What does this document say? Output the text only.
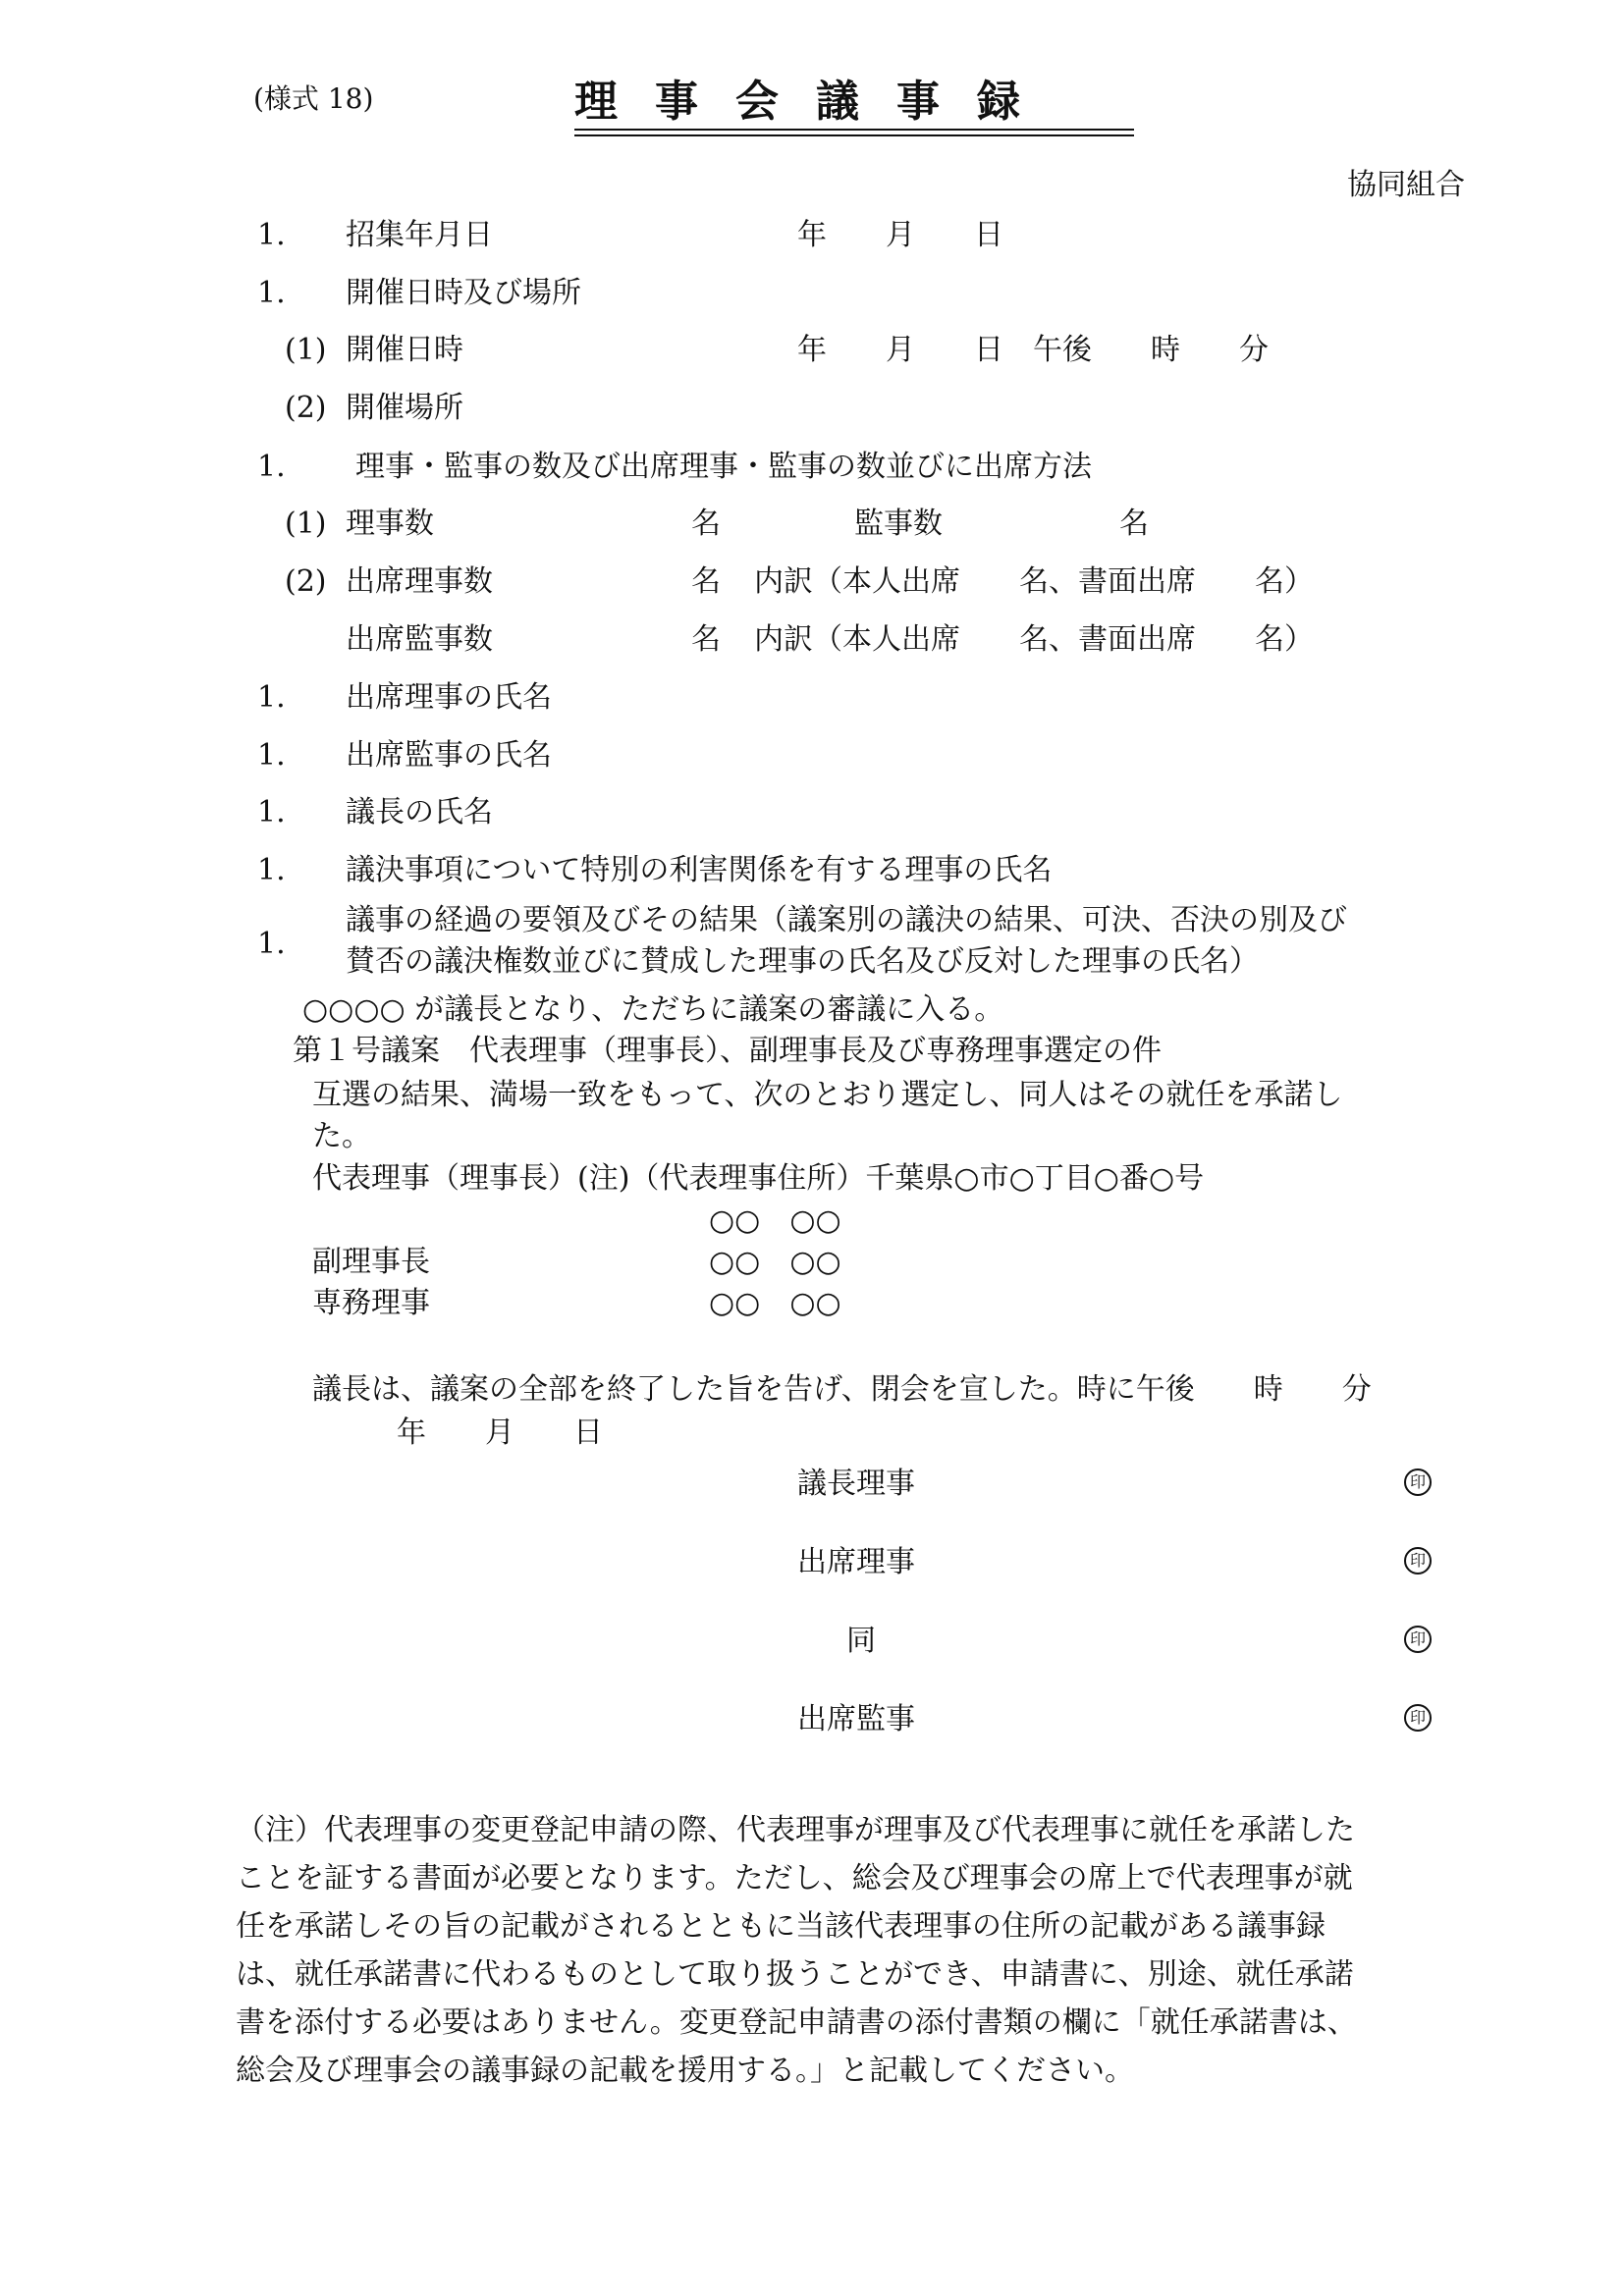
(様式 18)	理事会議事録
協同組合
1. 招集年月日	年　　月　　日
1. 開催日時及び場所
(1) 開催日時	年　　月　　日　午後　　時　　分
(2) 開催場所
1. 理事・監事の数及び出席理事・監事の数並びに出席方法
(1) 理事数	名	監事数	名
(2) 出席理事数	名 内訳（本人出席　　名、書面出席　　名）
出席監事数	名 内訳（本人出席　　名、書面出席　　名）
1. 出席理事の氏名
1. 出席監事の氏名
1. 議長の氏名
1. 議決事項について特別の利害関係を有する理事の氏名
1.
議事の経過の要領及びその結果（議案別の議決の結果、可決、否決の別及び
賛否の議決権数並びに賛成した理事の氏名及び反対した理事の氏名）
○○○○ が議長となり、ただちに議案の審議に入る。
第１号議案　代表理事（理事長）、副理事長及び専務理事選定の件
互選の結果、満場一致をもって、次のとおり選定し、同人はその就任を承諾し
た。
代表理事（理事長）(注)（代表理事住所）千葉県○市○丁目○番○号
○○　○○
副理事長	○○　○○
専務理事	○○　○○
議長は、議案の全部を終了した旨を告げ、閉会を宣した。時に午後　　時　　分
年　　月　　日
議長理事	印
出席理事	印
同	印
出席監事	印
（注）代表理事の変更登記申請の際、代表理事が理事及び代表理事に就任を承諾した
ことを証する書面が必要となります。ただし、総会及び理事会の席上で代表理事が就
任を承諾しその旨の記載がされるとともに当該代表理事の住所の記載がある議事録
は、就任承諾書に代わるものとして取り扱うことができ、申請書に、別途、就任承諾
書を添付する必要はありません。変更登記申請書の添付書類の欄に「就任承諾書は、
総会及び理事会の議事録の記載を援用する。」と記載してください。
